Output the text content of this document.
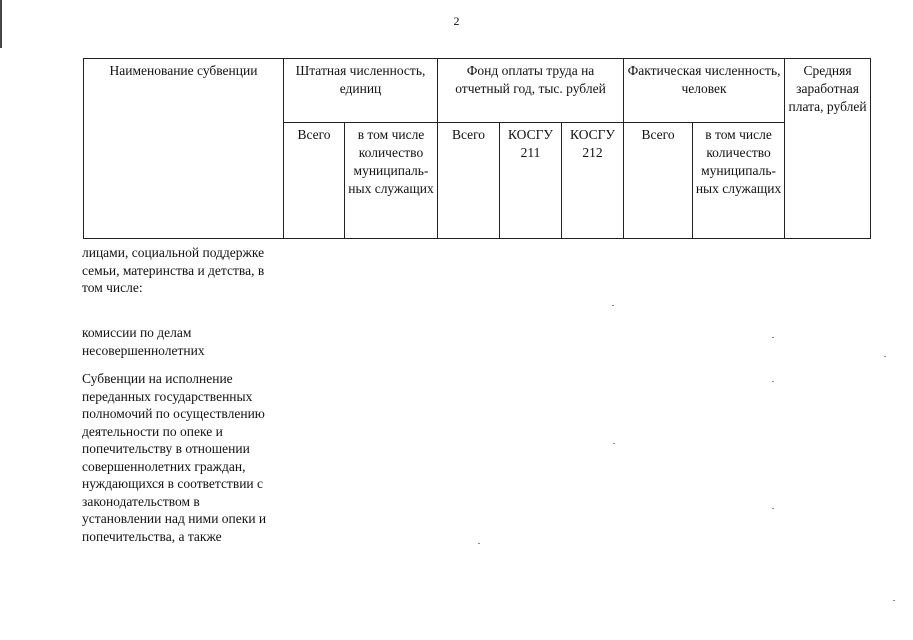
2
Наименование субвенции	Штатная численность, единиц		Фонд оплаты труда на отчетный год, тыс. рублей			Фактическая численность, человек		Средняя заработная плата, рублей
	Всего	в том числе количество муниципаль-ных служащих	Всего	КОСГУ 211	КОСГУ 212	Всего	в том числе количество муниципаль-ных служащих	

лицами, социальной поддержке семьи, материнства и детства, в том числе:

комиссии по делам несовершеннолетних

Субвенции на исполнение переданных государственных полномочий по осуществлению деятельности по опеке и попечительству в отношении совершеннолетних граждан, нуждающихся в соответствии с законодательством в установлении над ними опеки и попечительства, а также
